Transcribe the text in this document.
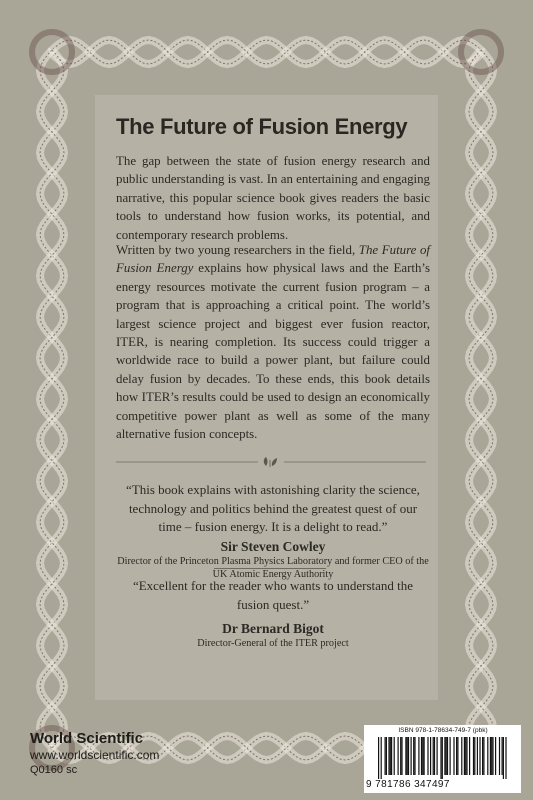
The Future of Fusion Energy
The gap between the state of fusion energy research and public understanding is vast. In an entertaining and engaging narrative, this popular science book gives readers the basic tools to understand how fusion works, its potential, and contemporary research problems.
Written by two young researchers in the field, The Future of Fusion Energy explains how physical laws and the Earth’s energy resources motivate the current fusion program – a program that is approaching a critical point. The world’s largest science project and biggest ever fusion reactor, ITER, is nearing completion. Its success could trigger a worldwide race to build a power plant, but failure could delay fusion by decades. To these ends, this book details how ITER’s results could be used to design an economically competitive power plant as well as some of the many alternative fusion concepts.
“This book explains with astonishing clarity the science, technology and politics behind the greatest quest of our time – fusion energy. It is a delight to read.”
Sir Steven Cowley
Director of the Princeton Plasma Physics Laboratory and former CEO of the UK Atomic Energy Authority
“Excellent for the reader who wants to understand the fusion quest.”
Dr Bernard Bigot
Director-General of the ITER project
World Scientific
www.worldscientific.com
Q0160 sc
ISBN 978-1-78634-749-7 (pbk)
9 781786 347497
